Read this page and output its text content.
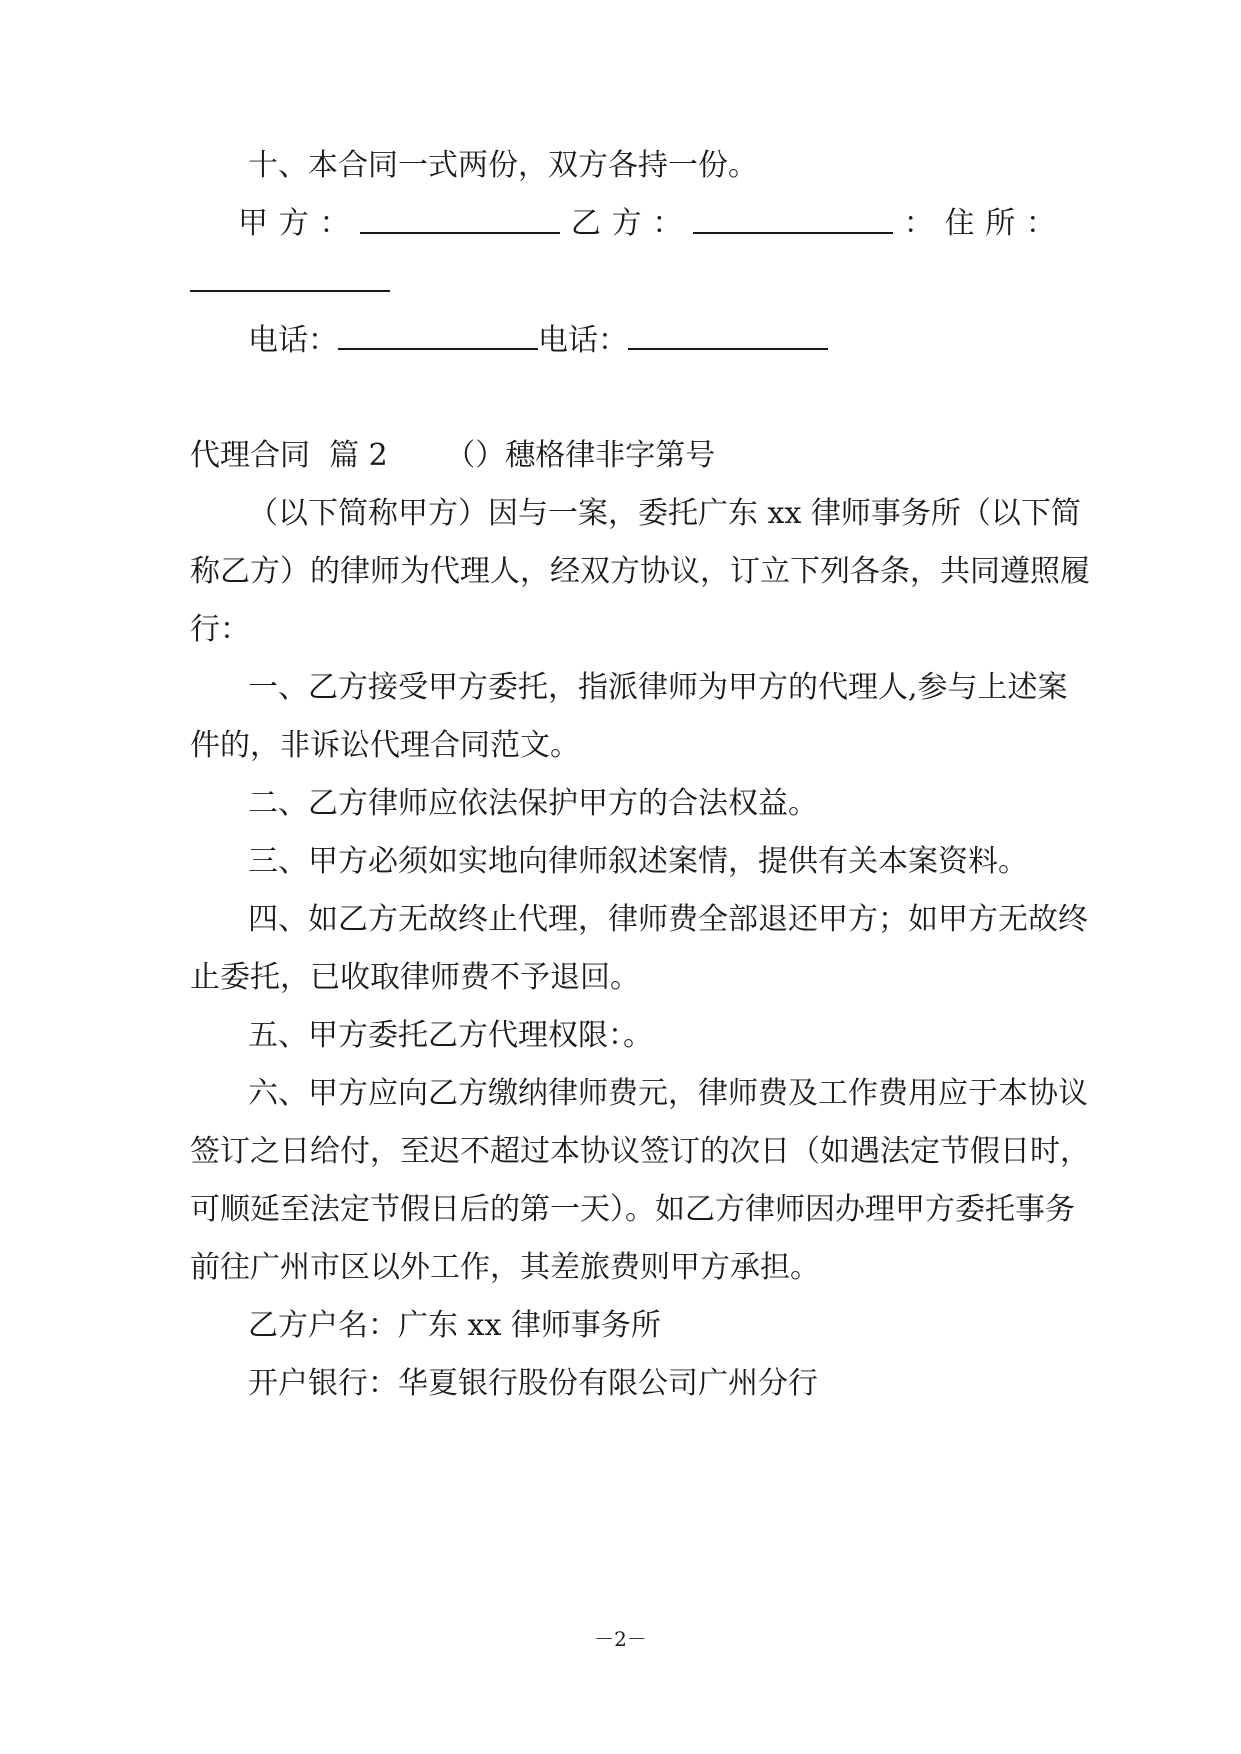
十、本合同一式两份，双方各持一份。
甲 方 ：	乙 方 ：	： 住 所 ：
电话：	电话：
代理合同  篇 2 （）穗格律非字第号
（以下简称甲方）因与一案，委托广东 xx 律师事务所（以下简
称乙方）的律师为代理人，经双方协议，订立下列各条，共同遵照履
行：
一、乙方接受甲方委托，指派律师为甲方的代理人,参与上述案
件的，非诉讼代理合同范文。
二、乙方律师应依法保护甲方的合法权益。
三、甲方必须如实地向律师叙述案情，提供有关本案资料。
四、如乙方无故终止代理，律师费全部退还甲方；如甲方无故终
止委托，已收取律师费不予退回。
五、甲方委托乙方代理权限：。
六、甲方应向乙方缴纳律师费元，律师费及工作费用应于本协议
签订之日给付，至迟不超过本协议签订的次日（如遇法定节假日时，
可顺延至法定节假日后的第一天）。如乙方律师因办理甲方委托事务
前往广州市区以外工作，其差旅费则甲方承担。
乙方户名：广东 xx 律师事务所
开户银行：华夏银行股份有限公司广州分行
－2－
